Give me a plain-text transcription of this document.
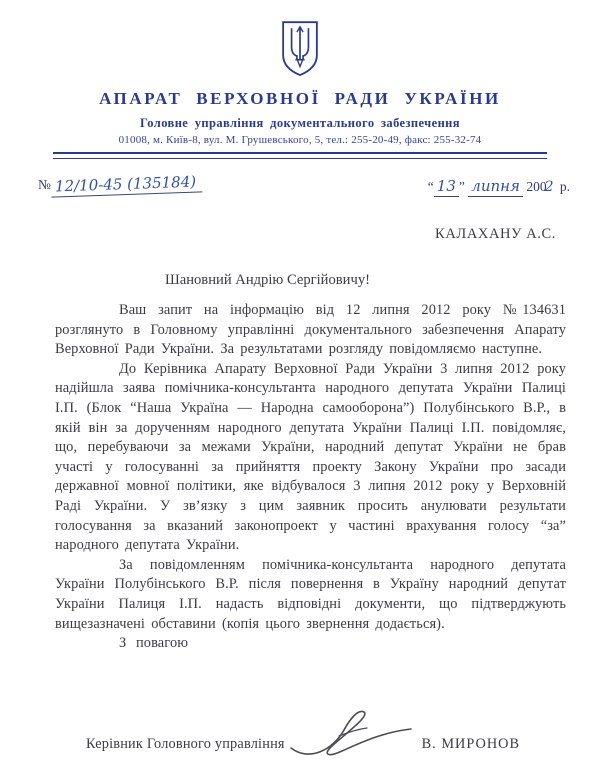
АПАРАТ ВЕРХОВНОЇ РАДИ УКРАЇНИ
Головне управління документального забезпечення
01008, м. Київ-8, вул. М. Грушевського, 5, тел.: 255-20-49, факс: 255-32-74
№ 12/10-45 (135184)	“ 13 ” липня 2002 р.
КАЛАХАНУ А.С.
Шановний Андрію Сергійовичу!

Ваш запит на інформацію від 12 липня 2012 року №134631 розглянуто в Головному управлінні документального забезпечення Апарату Верховної Ради України. За результатами розгляду повідомляємо наступне.

До Керівника Апарату Верховної Ради України 3 липня 2012 року надійшла заява помічника-консультанта народного депутата України Палиці І.П. (Блок “Наша Україна — Народна самооборона”) Полубінського В.Р., в якій він за дорученням народного депутата України Палиці І.П. повідомляє, що, перебуваючи за межами України, народний депутат України не брав участі у голосуванні за прийняття проекту Закону України про засади державної мовної політики, яке відбувалося 3 липня 2012 року у Верховній Раді України. У зв’язку з цим заявник просить анулювати результати голосування за вказаний законопроект у частині врахування голосу “за” народного депутата України.

За повідомленням помічника-консультанта народного депутата України Полубінського В.Р. після повернення в Україну народний депутат України Палиця І.П. надасть відповідні документи, що підтверджують вищезазначені обставини (копія цього звернення додається).

З повагою

Керівник Головного управління	В. МИРОНОВ
